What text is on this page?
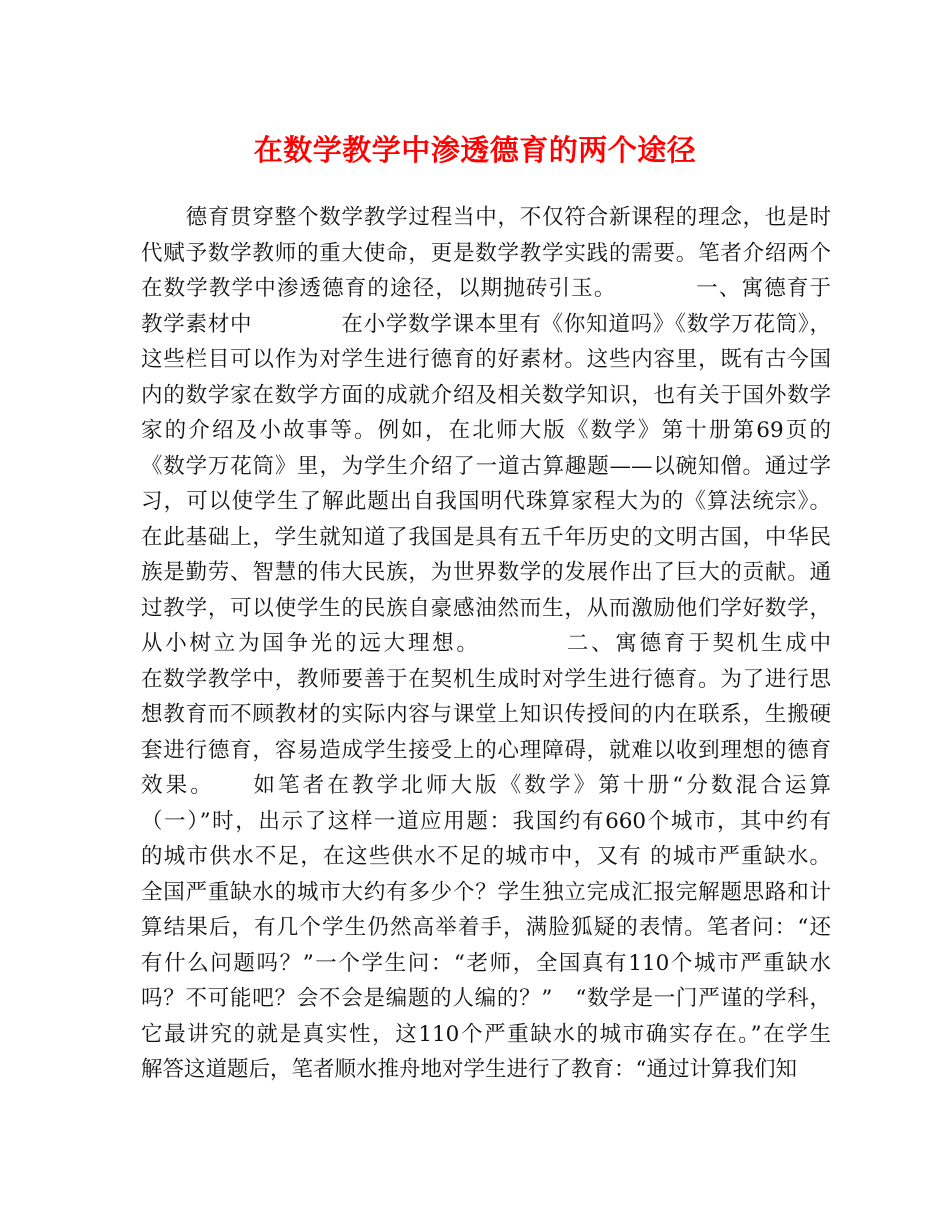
在数学教学中渗透德育的两个途径
　　德育贯穿整个数学教学过程当中，不仅符合新课程的理念，也是时
代赋予数学教师的重大使命，更是数学教学实践的需要。笔者介绍两个
在数学教学中渗透德育的途径，以期抛砖引玉。　　　　一、寓德育于
教学素材中　　　　在小学数学课本里有《你知道吗》《数学万花筒》，
这些栏目可以作为对学生进行德育的好素材。这些内容里，既有古今国
内的数学家在数学方面的成就介绍及相关数学知识，也有关于国外数学
家的介绍及小故事等。例如，在北师大版《数学》第十册第69页的
《数学万花筒》里，为学生介绍了一道古算趣题——以碗知僧。通过学
习，可以使学生了解此题出自我国明代珠算家程大为的《算法统宗》。
在此基础上，学生就知道了我国是具有五千年历史的文明古国，中华民
族是勤劳、智慧的伟大民族，为世界数学的发展作出了巨大的贡献。通
过教学，可以使学生的民族自豪感油然而生，从而激励他们学好数学，
从小树立为国争光的远大理想。　　　　二、寓德育于契机生成中
在数学教学中，教师要善于在契机生成时对学生进行德育。为了进行思
想教育而不顾教材的实际内容与课堂上知识传授间的内在联系，生搬硬
套进行德育，容易造成学生接受上的心理障碍，就难以收到理想的德育
效果。　　如笔者在教学北师大版《数学》第十册“分数混合运算
（一）”时，出示了这样一道应用题：我国约有660个城市，其中约有
的城市供水不足，在这些供水不足的城市中，又有 的城市严重缺水。
全国严重缺水的城市大约有多少个？学生独立完成汇报完解题思路和计
算结果后，有几个学生仍然高举着手，满脸狐疑的表情。笔者问：“还
有什么问题吗？”一个学生问：“老师，全国真有110个城市严重缺水
吗？不可能吧？会不会是编题的人编的？”　“数学是一门严谨的学科，
它最讲究的就是真实性，这110个严重缺水的城市确实存在。”在学生
解答这道题后，笔者顺水推舟地对学生进行了教育：“通过计算我们知
